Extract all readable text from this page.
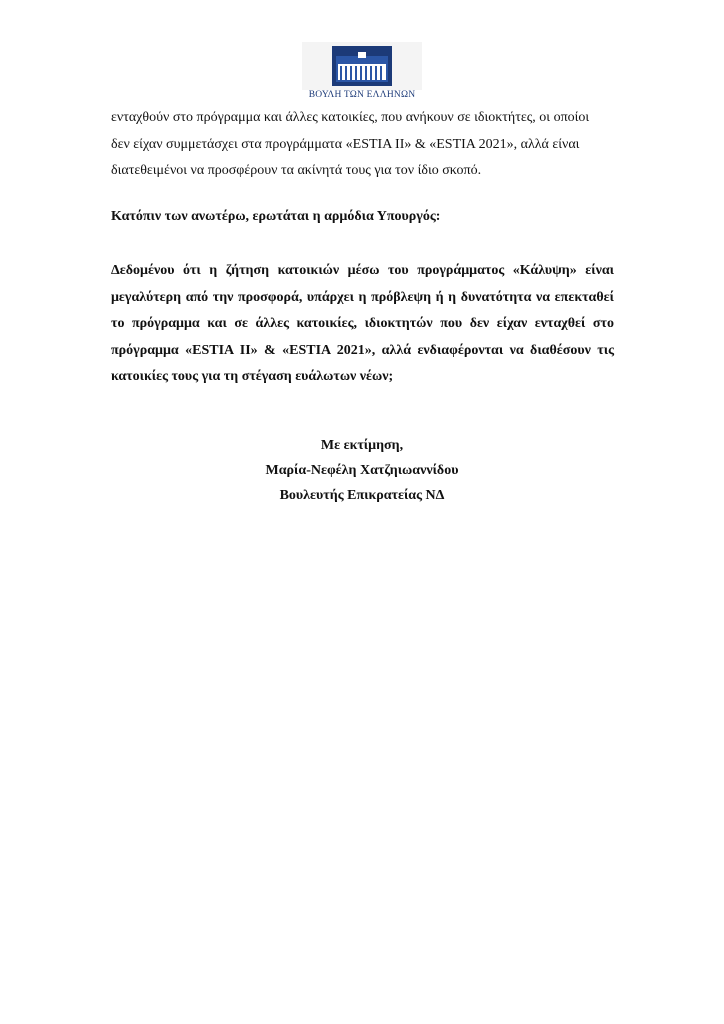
ΒΟΥΛΗ ΤΩΝ ΕΛΛΗΝΩΝ

ενταχθούν στο πρόγραμμα και άλλες κατοικίες, που ανήκουν σε ιδιοκτήτες, οι οποίοι

δεν είχαν συμμετάσχει στα προγράμματα «ESTIA II» & «ESTIA 2021», αλλά είναι

διατεθειμένοι να προσφέρουν τα ακίνητά τους για τον ίδιο σκοπό.

Κατόπιν των ανωτέρω, ερωτάται η αρμόδια Υπουργός:

Δεδομένου ότι η ζήτηση κατοικιών μέσω του προγράμματος «Κάλυψη» είναι

μεγαλύτερη από την προσφορά, υπάρχει η πρόβλεψη ή η δυνατότητα να επεκταθεί

το πρόγραμμα και σε άλλες κατοικίες, ιδιοκτητών που δεν είχαν ενταχθεί στο

πρόγραμμα «ESTIA II» & «ESTIA 2021», αλλά ενδιαφέρονται να διαθέσουν τις

κατοικίες τους για τη στέγαση ευάλωτων νέων;

Με εκτίμηση,
Μαρία-Νεφέλη Χατζηιωαννίδου
Βουλευτής Επικρατείας ΝΔ
